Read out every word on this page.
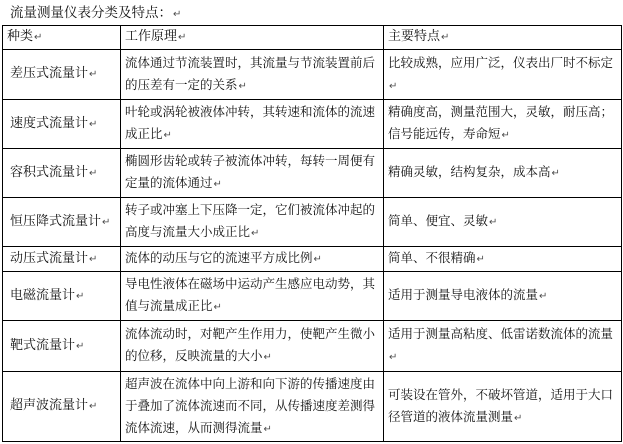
流量测量仪表分类及特点：↵
种类↵	工作原理↵	主要特点↵
差压式流量计↵	流体通过节流装置时，其流量与节流装置前后的压差有一定的关系↵	比较成熟，应用广泛，仪表出厂时不标定↵
速度式流量计↵	叶轮或涡轮被液体冲转，其转速和流体的流速成正比↵	精确度高，测量范围大，灵敏，耐压高；信号能远传，寿命短↵
容积式流量计↵	椭圆形齿轮或转子被流体冲转，每转一周便有定量的流体通过↵	精确灵敏，结构复杂，成本高↵
恒压降式流量计↵	转子或冲塞上下压降一定，它们被流体冲起的高度与流量大小成正比↵	简单、便宜、灵敏↵
动压式流量计↵	流体的动压与它的流速平方成比例↵	简单、不很精确↵
电磁流量计↵	导电性液体在磁场中运动产生感应电动势，其值与流量成正比↵	适用于测量导电液体的流量↵
靶式流量计↵	流体流动时，对靶产生作用力，使靶产生微小的位移，反映流量的大小↵	适用于测量高粘度、低雷诺数流体的流量↵
超声波流量计↵	超声波在流体中向上游和向下游的传播速度由于叠加了流体流速而不同，从传播速度差测得流体流速，从而测得流量↵	可装设在管外，不破坏管道，适用于大口径管道的液体流量测量↵
